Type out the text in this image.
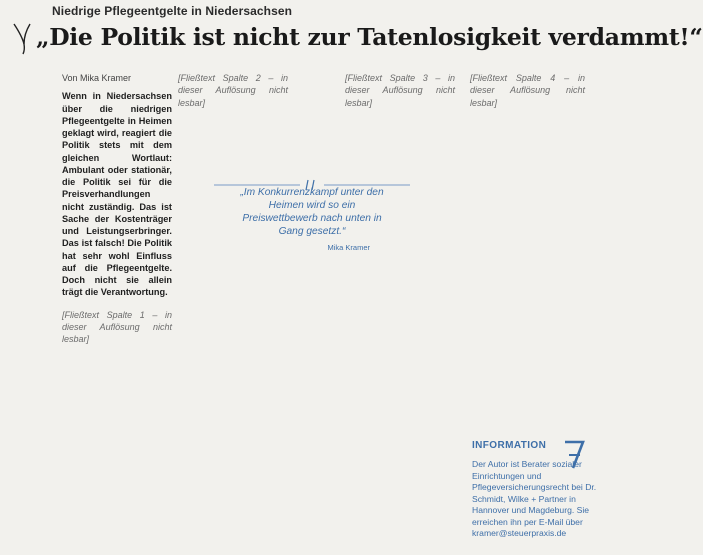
Niedrige Pflegeentgelte in Niedersachsen
„Die Politik ist nicht zur Tatenlosigkeit verdammt!“
Von Mika Kramer

Wenn in Niedersachsen über die niedrigen Pflegeentgelte in Heimen geklagt wird, reagiert die Politik stets mit dem gleichen Wortlaut: Ambulant oder stationär, die Politik sei für die Preisverhandlungen nicht zuständig. Das ist Sache der Kostenträger und Leistungserbringer. Das ist falsch! Die Politik hat sehr wohl Einfluss auf die Pflegeentgelte. Doch nicht sie allein trägt die Verantwortung.

[Fließtext Spalte 1 – in dieser Auflösung nicht lesbar]

[Fließtext Spalte 2 – in dieser Auflösung nicht lesbar]

„Im Konkurrenzkampf unter den Heimen wird so ein Preiswettbewerb nach unten in Gang gesetzt.“
Mika Kramer

[Fließtext Spalte 3 – in dieser Auflösung nicht lesbar]

[Fließtext Spalte 4 – in dieser Auflösung nicht lesbar]

INFORMATION
Der Autor ist Berater sozialer Einrichtungen und Pflegeversicherungsrecht bei Dr. Schmidt, Wilke + Partner in Hannover und Magdeburg. Sie erreichen ihn per E-Mail über kramer@steuerpraxis.de
